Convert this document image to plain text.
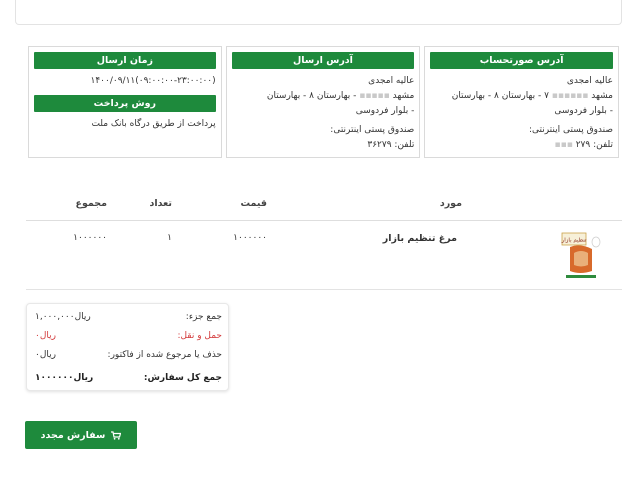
آدرس صورتحساب
عالیه امجدی
مشهد ▪▪▪▪▪▪ ۷ - بهارستان ۸ - بهارستان
- بلوار فردوسی
صندوق پستی اینترنتی:
تلفن: ۲۷۹ ▪▪▪
آدرس ارسال
عالیه امجدی
مشهد ▪▪▪▪▪ - بهارستان ۸ - بهارستان
- بلوار فردوسی
صندوق پستی اینترنتی:
تلفن: ۳۶۲۷۹
زمان ارسال
۱۴۰۰/۰۹/۱۱(۰۹:۰۰:۰۰-۲۳:۰۰:۰۰)
روش پرداخت
پرداخت از طریق درگاه بانک ملت
مورد
قیمت
تعداد
مجموع
تنظیم بازار
مرغ تنظیم بازار
۱۰۰۰۰۰۰
۱
۱۰۰۰۰۰۰
جمع جزء:
۱,۰۰۰,۰۰۰ریال
حمل و نقل:
۰ریال
حذف یا مرجوع شده از فاکتور:
۰ریال
جمع کل سفارش:
۱۰۰۰۰۰۰ریال
سفارش مجدد
